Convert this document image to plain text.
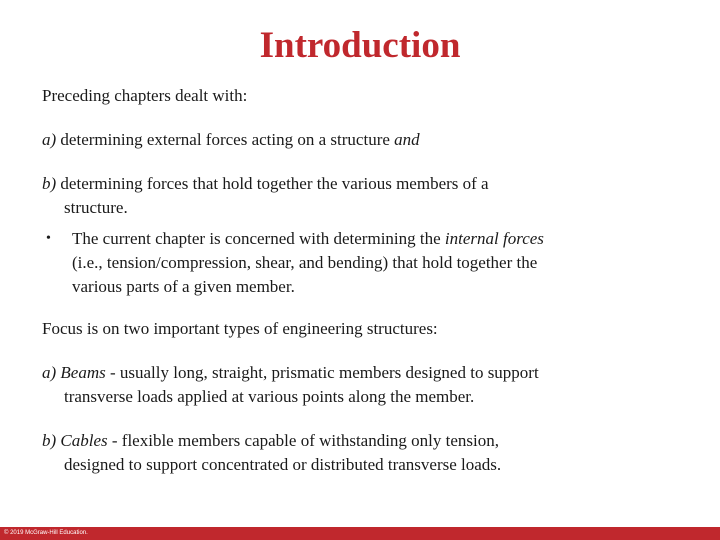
Introduction
Preceding chapters dealt with:
a) determining external forces acting on a structure and
b) determining forces that hold together the various members of a
structure.
• The current chapter is concerned with determining the internal forces
(i.e., tension/compression, shear, and bending) that hold together the
various parts of a given member.
Focus is on two important types of engineering structures:
a) Beams - usually long, straight, prismatic members designed to support
transverse loads applied at various points along the member.
b) Cables - flexible members capable of withstanding only tension,
designed to support concentrated or distributed transverse loads.
© 2019 McGraw-Hill Education.
